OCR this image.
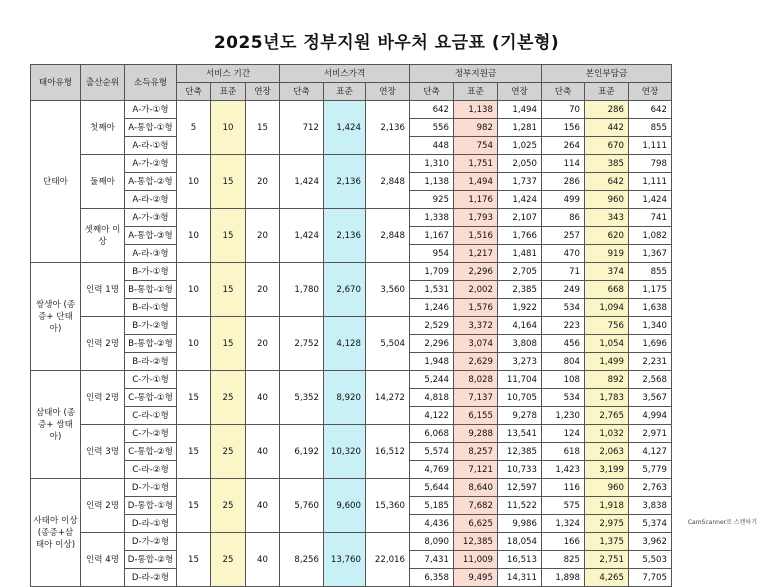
2025년도 정부지원 바우처 요금표 (기본형)
태아유형	출산순위	소득유형	서비스 기간			서비스가격			정부지원금			본인부담금		
			단축	표준	연장	단축	표준	연장	단축	표준	연장	단축	표준	연장
단태아	첫째아	A-가-①형	5	10	15	712	1,424	2,136	642	1,138	1,494	70	286	642
		A-통합-①형							556	982	1,281	156	442	855
		A-라-①형							448	754	1,025	264	670	1,111
	둘째아	A-가-②형	10	15	20	1,424	2,136	2,848	1,310	1,751	2,050	114	385	798
		A-통합-②형							1,138	1,494	1,737	286	642	1,111
		A-라-②형							925	1,176	1,424	499	960	1,424
	셋째아 이상	A-가-③형	10	15	20	1,424	2,136	2,848	1,338	1,793	2,107	86	343	741
		A-통합-③형							1,167	1,516	1,766	257	620	1,082
		A-라-③형							954	1,217	1,481	470	919	1,367
쌍생아 (종증+ 단태아)	인력 1명	B-가-①형	10	15	20	1,780	2,670	3,560	1,709	2,296	2,705	71	374	855
		B-통합-①형							1,531	2,002	2,385	249	668	1,175
		B-라-①형							1,246	1,576	1,922	534	1,094	1,638
	인력 2명	B-가-②형	10	15	20	2,752	4,128	5,504	2,529	3,372	4,164	223	756	1,340
		B-통합-②형							2,296	3,074	3,808	456	1,054	1,696
		B-라-②형							1,948	2,629	3,273	804	1,499	2,231
삼태아 (종증+ 쌍태아)	인력 2명	C-가-①형	15	25	40	5,352	8,920	14,272	5,244	8,028	11,704	108	892	2,568
		C-통합-①형							4,818	7,137	10,705	534	1,783	3,567
		C-라-①형							4,122	6,155	9,278	1,230	2,765	4,994
	인력 3명	C-가-②형	15	25	40	6,192	10,320	16,512	6,068	9,288	13,541	124	1,032	2,971
		C-통합-②형							5,574	8,257	12,385	618	2,063	4,127
		C-라-②형							4,769	7,121	10,733	1,423	3,199	5,779
사태아 이상 (종증+삼 태아 이상)	인력 2명	D-가-①형	15	25	40	5,760	9,600	15,360	5,644	8,640	12,597	116	960	2,763
		D-통합-①형							5,185	7,682	11,522	575	1,918	3,838
		D-라-①형							4,436	6,625	9,986	1,324	2,975	5,374
	인력 4명	D-가-②형	15	25	40	8,256	13,760	22,016	8,090	12,385	18,054	166	1,375	3,962
		D-통합-②형							7,431	11,009	16,513	825	2,751	5,503
		D-라-②형							6,358	9,495	14,311	1,898	4,265	7,705
CamScanner로 스캔하기
